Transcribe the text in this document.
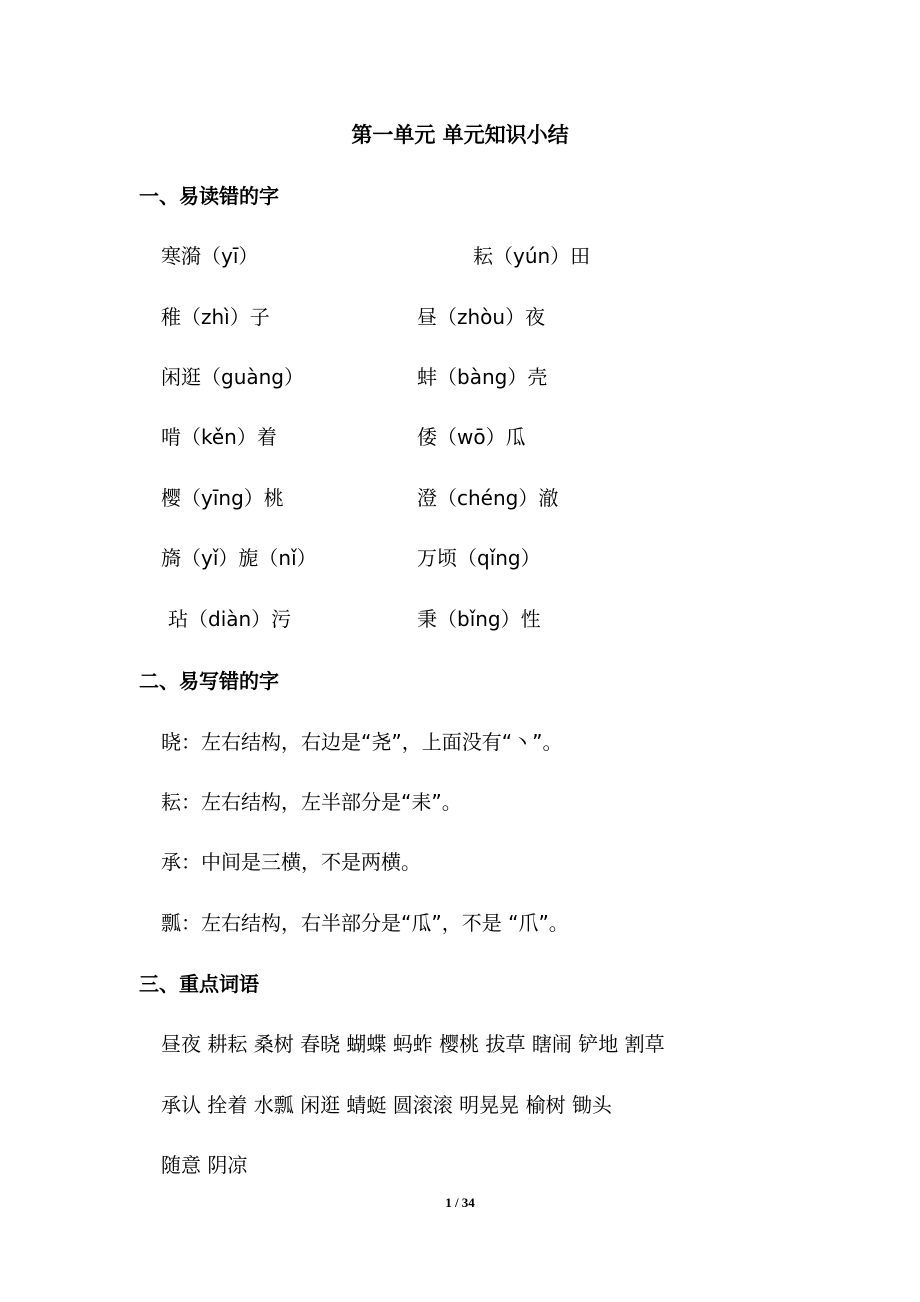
第一单元 单元知识小结
一、易读错的字
寒漪（yī）	耘（yún）田
稚（zhì）子	昼（zhòu）夜
闲逛（guàng）	蚌（bàng）壳
啃（kěn）着	倭（wō）瓜
樱（yīng）桃	澄（chéng）澈
旖（yǐ）旎（nǐ）	万顷（qǐng）
玷（diàn）污	秉（bǐng）性
二、易写错的字
晓：左右结构，右边是“尧”，上面没有“丶”。
耘：左右结构，左半部分是“耒”。
承：中间是三横，不是两横。
瓢：左右结构，右半部分是“瓜”，不是 “爪”。
三、重点词语
昼夜 耕耘 桑树 春晓 蝴蝶 蚂蚱 樱桃 拔草 瞎闹 铲地 割草
承认 拴着 水瓢 闲逛 蜻蜓 圆滚滚 明晃晃 榆树 锄头
随意 阴凉
1 / 34
